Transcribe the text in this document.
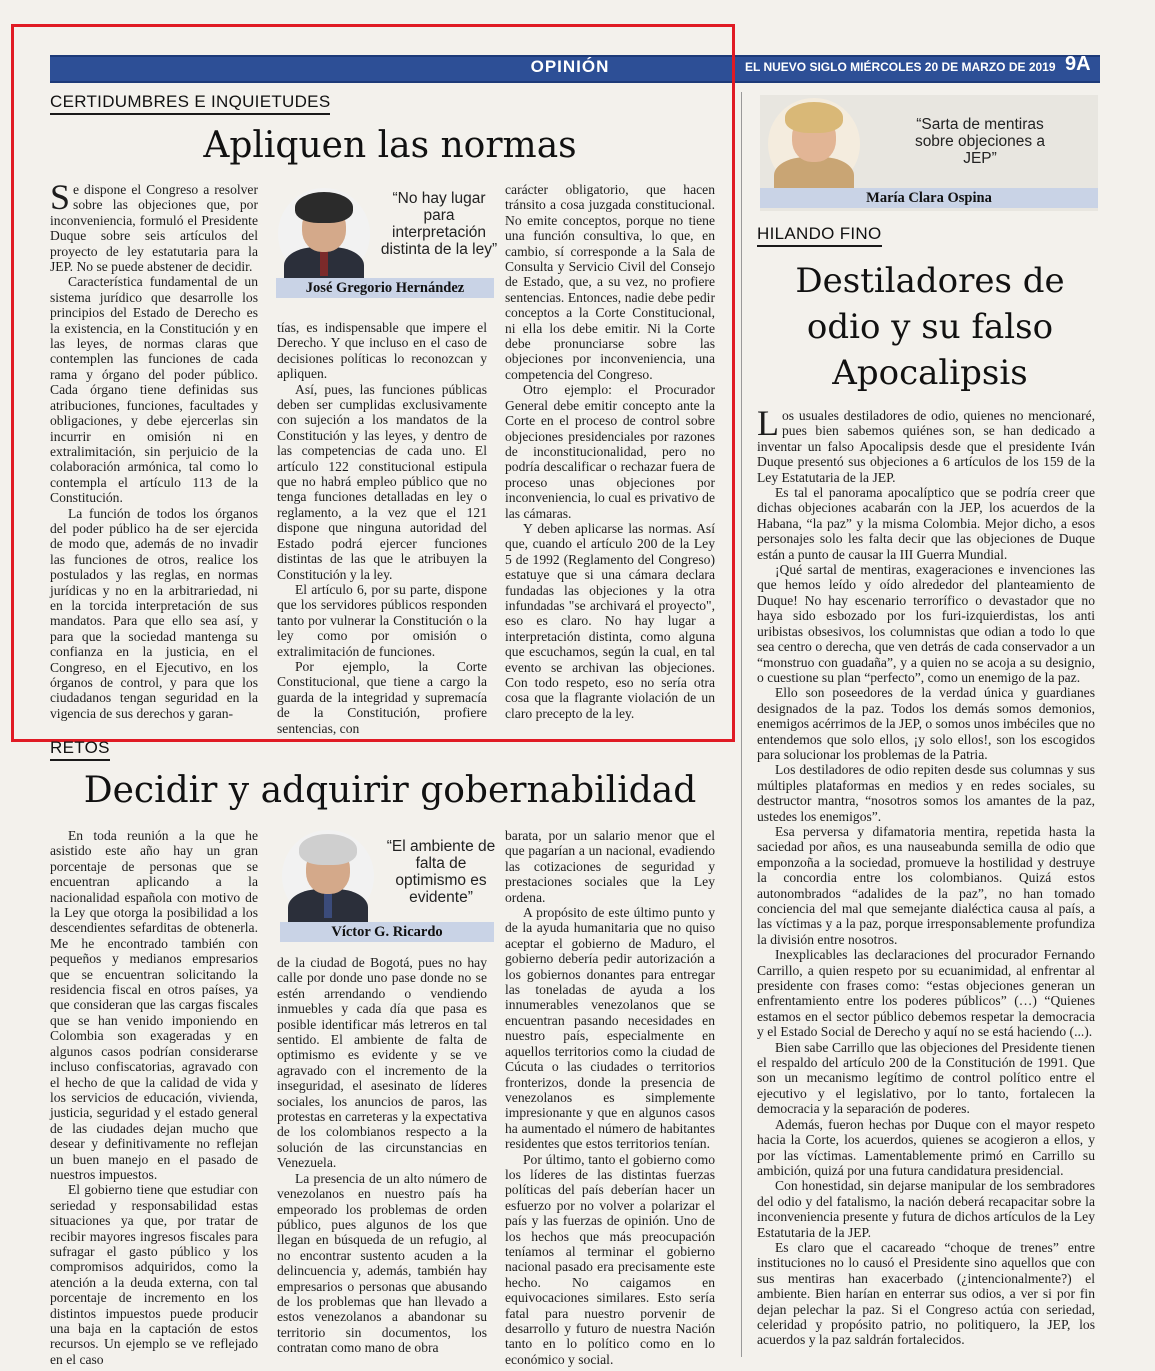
OPINIÓN	EL NUEVO SIGLO MIÉRCOLES 20 DE MARZO DE 2019 9A
CERTIDUMBRES E INQUIETUDES
Apliquen las normas

Se dispone el Congreso a resolver sobre las objeciones que, por inconveniencia, formuló el Presidente Duque sobre seis artículos del proyecto de ley estatutaria para la JEP. No se puede abstener de decidir.

Característica fundamental de un sistema jurídico que desarrolle los principios del Estado de Derecho es la existencia, en la Constitución y en las leyes, de normas claras que contemplen las funciones de cada rama y órgano del poder público. Cada órgano tiene definidas sus atribuciones, funciones, facultades y obligaciones, y debe ejercerlas sin incurrir en omisión ni en extralimitación, sin perjuicio de la colaboración armónica, tal como lo contempla el artículo 113 de la Constitución.

La función de todos los órganos del poder público ha de ser ejercida de modo que, además de no invadir las funciones de otros, realice los postulados y las reglas, en normas jurídicas y no en la arbitrariedad, ni en la torcida interpretación de sus mandatos. Para que ello sea así, y para que la sociedad mantenga su confianza en la justicia, en el Congreso, en el Ejecutivo, en los órganos de control, y para que los ciudadanos tengan seguridad en la vigencia de sus derechos y garan-

“No hay lugar para interpretación distinta de la ley”
José Gregorio Hernández

tías, es indispensable que impere el Derecho. Y que incluso en el caso de decisiones políticas lo reconozcan y apliquen.

Así, pues, las funciones públicas deben ser cumplidas exclusivamente con sujeción a los mandatos de la Constitución y las leyes, y dentro de las competencias de cada uno. El artículo 122 constitucional estipula que no habrá empleo público que no tenga funciones detalladas en ley o reglamento, a la vez que el 121 dispone que ninguna autoridad del Estado podrá ejercer funciones distintas de las que le atribuyen la Constitución y la ley.

El artículo 6, por su parte, dispone que los servidores públicos responden tanto por vulnerar la Constitución o la ley como por omisión o extralimitación de funciones.

Por ejemplo, la Corte Constitucional, que tiene a cargo la guarda de la integridad y supremacía de la Constitución, profiere sentencias, con

carácter obligatorio, que hacen tránsito a cosa juzgada constitucional. No emite conceptos, porque no tiene una función consultiva, lo que, en cambio, sí corresponde a la Sala de Consulta y Servicio Civil del Consejo de Estado, que, a su vez, no profiere sentencias. Entonces, nadie debe pedir conceptos a la Corte Constitucional, ni ella los debe emitir. Ni la Corte debe pronunciarse sobre las objeciones por inconveniencia, una competencia del Congreso.

Otro ejemplo: el Procurador General debe emitir concepto ante la Corte en el proceso de control sobre objeciones presidenciales por razones de inconstitucionalidad, pero no podría descalificar o rechazar fuera de proceso unas objeciones por inconveniencia, lo cual es privativo de las cámaras.

Y deben aplicarse las normas. Así que, cuando el artículo 200 de la Ley 5 de 1992 (Reglamento del Congreso) estatuye que si una cámara declara fundadas las objeciones y la otra infundadas "se archivará el proyecto", eso es claro. No hay lugar a interpretación distinta, como alguna que escuchamos, según la cual, en tal evento se archivan las objeciones. Con todo respeto, eso no sería otra cosa que la flagrante violación de un claro precepto de la ley.

RETOS
Decidir y adquirir gobernabilidad

En toda reunión a la que he asistido este año hay un gran porcentaje de personas que se encuentran aplicando a la nacionalidad española con motivo de la Ley que otorga la posibilidad a los descendientes sefarditas de obtenerla. Me he encontrado también con pequeños y medianos empresarios que se encuentran solicitando la residencia fiscal en otros países, ya que consideran que las cargas fiscales que se han venido imponiendo en Colombia son exageradas y en algunos casos podrían considerarse incluso confiscatorias, agravado con el hecho de que la calidad de vida y los servicios de educación, vivienda, justicia, seguridad y el estado general de las ciudades dejan mucho que desear y definitivamente no reflejan un buen manejo en el pasado de nuestros impuestos.

El gobierno tiene que estudiar con seriedad y responsabilidad estas situaciones ya que, por tratar de recibir mayores ingresos fiscales para sufragar el gasto público y los compromisos adquiridos, como la atención a la deuda externa, con tal porcentaje de incremento en los distintos impuestos puede producir una baja en la captación de estos recursos. Un ejemplo se ve reflejado en el caso

“El ambiente de falta de optimismo es evidente”
Víctor G. Ricardo

de la ciudad de Bogotá, pues no hay calle por donde uno pase donde no se estén arrendando o vendiendo inmuebles y cada día que pasa es posible identificar más letreros en tal sentido. El ambiente de falta de optimismo es evidente y se ve agravado con el incremento de la inseguridad, el asesinato de líderes sociales, los anuncios de paros, las protestas en carreteras y la expectativa de los colombianos respecto a la solución de las circunstancias en Venezuela.

La presencia de un alto número de venezolanos en nuestro país ha empeorado los problemas de orden público, pues algunos de los que llegan en búsqueda de un refugio, al no encontrar sustento acuden a la delincuencia y, además, también hay empresarios o personas que abusando de los problemas que han llevado a estos venezolanos a abandonar su territorio sin documentos, los contratan como mano de obra

barata, por un salario menor que el que pagarían a un nacional, evadiendo las cotizaciones de seguridad y prestaciones sociales que la Ley ordena.

A propósito de este último punto y de la ayuda humanitaria que no quiso aceptar el gobierno de Maduro, el gobierno debería pedir autorización a los gobiernos donantes para entregar las toneladas de ayuda a los innumerables venezolanos que se encuentran pasando necesidades en nuestro país, especialmente en aquellos territorios como la ciudad de Cúcuta o las ciudades o territorios fronterizos, donde la presencia de venezolanos es simplemente impresionante y que en algunos casos ha aumentado el número de habitantes residentes que estos territorios tenían.

Por último, tanto el gobierno como los líderes de las distintas fuerzas políticas del país deberían hacer un esfuerzo por no volver a polarizar el país y las fuerzas de opinión. Uno de los hechos que más preocupación teníamos al terminar el gobierno nacional pasado era precisamente este hecho. No caigamos en equivocaciones similares. Esto sería fatal para nuestro porvenir de desarrollo y futuro de nuestra Nación tanto en lo político como en lo económico y social.

“Sarta de mentiras sobre objeciones a JEP”
María Clara Ospina
HILANDO FINO
Destiladores de odio y su falso Apocalipsis

Los usuales destiladores de odio, quienes no mencionaré, pues bien sabemos quiénes son, se han dedicado a inventar un falso Apocalipsis desde que el presidente Iván Duque presentó sus objeciones a 6 artículos de los 159 de la Ley Estatutaria de la JEP.

Es tal el panorama apocalíptico que se podría creer que dichas objeciones acabarán con la JEP, los acuerdos de la Habana, “la paz” y la misma Colombia. Mejor dicho, a esos personajes solo les falta decir que las objeciones de Duque están a punto de causar la III Guerra Mundial.

¡Qué sartal de mentiras, exageraciones e invenciones las que hemos leído y oído alrededor del planteamiento de Duque! No hay escenario terrorífico o devastador que no haya sido esbozado por los furi-izquierdistas, los anti uribistas obsesivos, los columnistas que odian a todo lo que sea centro o derecha, que ven detrás de cada conservador a un “monstruo con guadaña”, y a quien no se acoja a su designio, o cuestione su plan “perfecto”, como un enemigo de la paz.

Ello son poseedores de la verdad única y guardianes designados de la paz. Todos los demás somos demonios, enemigos acérrimos de la JEP, o somos unos imbéciles que no entendemos que solo ellos, ¡y solo ellos!, son los escogidos para solucionar los problemas de la Patria.

Los destiladores de odio repiten desde sus columnas y sus múltiples plataformas en medios y en redes sociales, su destructor mantra, “nosotros somos los amantes de la paz, ustedes los enemigos”.

Esa perversa y difamatoria mentira, repetida hasta la saciedad por años, es una nauseabunda semilla de odio que emponzoña a la sociedad, promueve la hostilidad y destruye la concordia entre los colombianos. Quizá estos autonombrados “adalides de la paz”, no han tomado conciencia del mal que semejante dialéctica causa al país, a las víctimas y a la paz, porque irresponsablemente profundiza la división entre nosotros.

Inexplicables las declaraciones del procurador Fernando Carrillo, a quien respeto por su ecuanimidad, al enfrentar al presidente con frases como: “estas objeciones generan un enfrentamiento entre los poderes públicos” (…) “Quienes estamos en el sector público debemos respetar la democracia y el Estado Social de Derecho y aquí no se está haciendo (...).

Bien sabe Carrillo que las objeciones del Presidente tienen el respaldo del artículo 200 de la Constitución de 1991. Que son un mecanismo legítimo de control político entre el ejecutivo y el legislativo, por lo tanto, fortalecen la democracia y la separación de poderes.

Además, fueron hechas por Duque con el mayor respeto hacia la Corte, los acuerdos, quienes se acogieron a ellos, y por las víctimas. Lamentablemente primó en Carrillo su ambición, quizá por una futura candidatura presidencial.

Con honestidad, sin dejarse manipular de los sembradores del odio y del fatalismo, la nación deberá recapacitar sobre la inconveniencia presente y futura de dichos artículos de la Ley Estatutaria de la JEP.

Es claro que el cacareado “choque de trenes” entre instituciones no lo causó el Presidente sino aquellos que con sus mentiras han exacerbado (¿intencionalmente?) el ambiente. Bien harían en enterrar sus odios, a ver si por fin dejan pelechar la paz. Si el Congreso actúa con seriedad, celeridad y propósito patrio, no politiquero, la JEP, los acuerdos y la paz saldrán fortalecidos.
